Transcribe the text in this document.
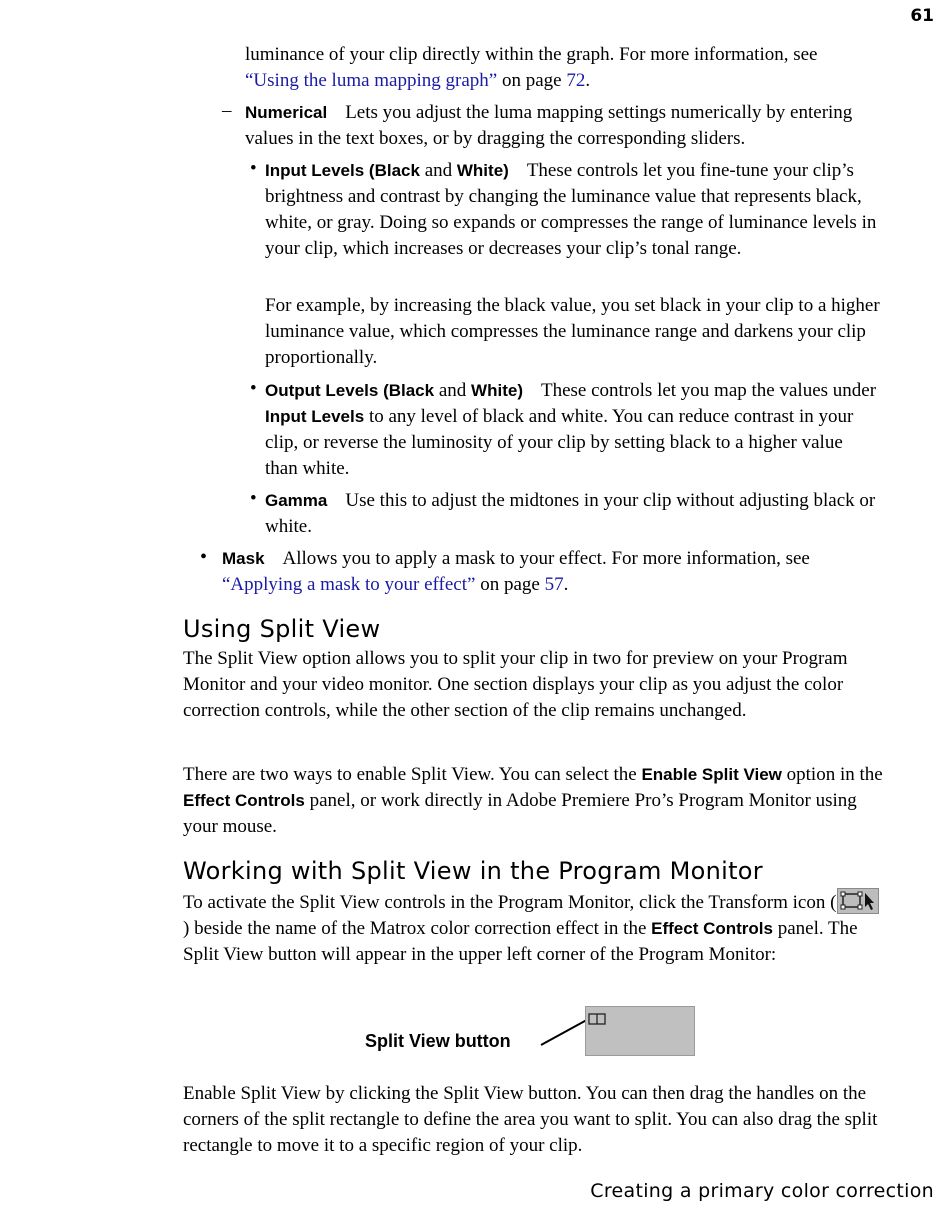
61
luminance of your clip directly within the graph. For more information, see
“Using the luma mapping graph” on page 72.
– Numerical Lets you adjust the luma mapping settings numerically by entering values in the text boxes, or by dragging the corresponding sliders.
• Input Levels (Black and White) These controls let you fine-tune your clip’s brightness and contrast by changing the luminance value that represents black, white, or gray. Doing so expands or compresses the range of luminance levels in your clip, which increases or decreases your clip’s tonal range.
For example, by increasing the black value, you set black in your clip to a higher luminance value, which compresses the luminance range and darkens your clip proportionally.
• Output Levels (Black and White) These controls let you map the values under Input Levels to any level of black and white. You can reduce contrast in your clip, or reverse the luminosity of your clip by setting black to a higher value than white.
• Gamma Use this to adjust the midtones in your clip without adjusting black or white.
• Mask Allows you to apply a mask to your effect. For more information, see “Applying a mask to your effect” on page 57.
Using Split View
The Split View option allows you to split your clip in two for preview on your Program Monitor and your video monitor. One section displays your clip as you adjust the color correction controls, while the other section of the clip remains unchanged.
There are two ways to enable Split View. You can select the Enable Split View option in the Effect Controls panel, or work directly in Adobe Premiere Pro’s Program Monitor using your mouse.
Working with Split View in the Program Monitor
To activate the Split View controls in the Program Monitor, click the Transform icon (
) beside the name of the Matrox color correction effect in the Effect Controls panel. The Split View button will appear in the upper left corner of the Program Monitor:
Split View button
Enable Split View by clicking the Split View button. You can then drag the handles on the corners of the split rectangle to define the area you want to split. You can also drag the split rectangle to move it to a specific region of your clip.
Creating a primary color correction
